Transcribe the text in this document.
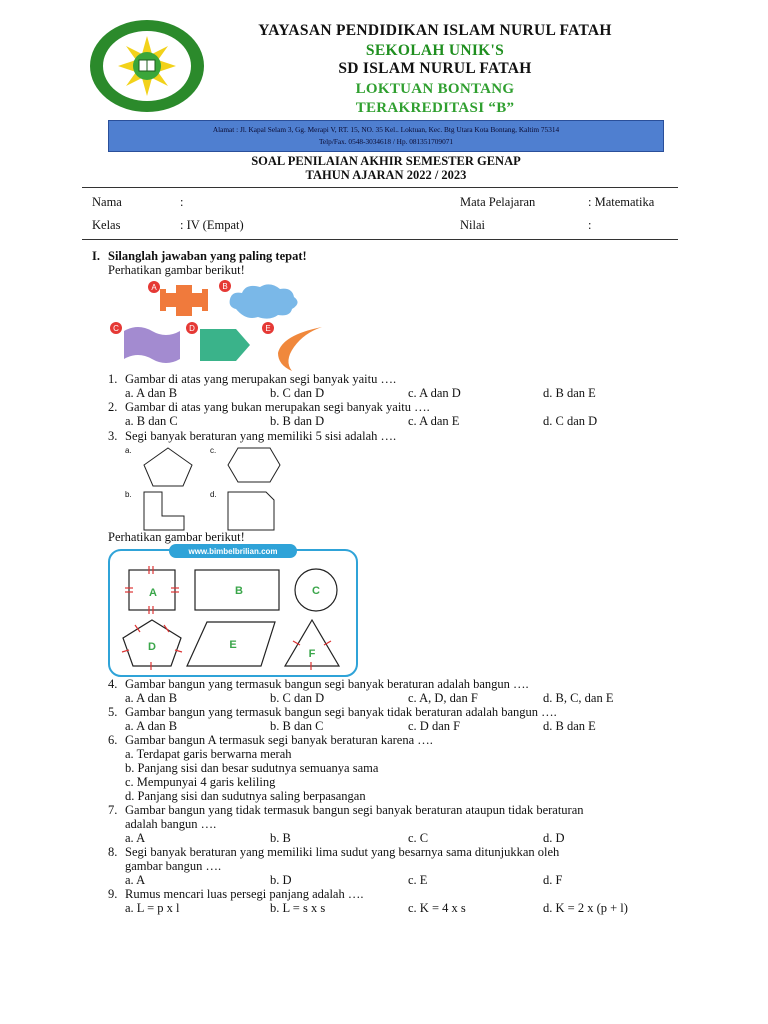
YAYASAN PENDIDIKAN ISLAM NURUL FATAH
SEKOLAH UNIK'S
SD ISLAM NURUL FATAH
LOKTUAN BONTANG
TERAKREDITASI “B”
Alamat : Jl. Kapal Selam 3, Gg. Merapi V, RT. 15, NO. 35 Kel.. Loktuan, Kec. Btg Utara Kota Bontang, Kaltim 75314
Telp/Fax. 0548-3034618 / Hp. 081351709071
SOAL PENILAIAN AKHIR SEMESTER GENAP
TAHUN AJARAN 2022 / 2023
Nama	:	Mata Pelajaran	: Matematika
Kelas	: IV (Empat)	Nilai	:
I. Silanglah jawaban yang paling tepat!
Perhatikan gambar berikut!
A	B
C	D	E
1. Gambar di atas yang merupakan segi banyak yaitu ….
a. A dan B	b. C dan D	c. A dan D	d. B dan E
2. Gambar di atas yang bukan merupakan segi banyak yaitu ….
a. B dan C	b. B dan D	c. A dan E	d. C dan D
3. Segi banyak beraturan yang memiliki 5 sisi adalah ….
a.	c.
b.	d.
Perhatikan gambar berikut!
www.bimbelbrilian.com
A	B	C
D	E
F
4. Gambar bangun yang termasuk bangun segi banyak beraturan adalah bangun ….
a. A dan B	b. C dan D	c. A, D, dan F	d. B, C, dan E
5. Gambar bangun yang termasuk bangun segi banyak tidak beraturan adalah bangun ….
a. A dan B	b. B dan C	c. D dan F	d. B dan E
6. Gambar bangun A termasuk segi banyak beraturan karena ….
a. Terdapat garis berwarna merah
b. Panjang sisi dan besar sudutnya semuanya sama
c. Mempunyai 4 garis keliling
d. Panjang sisi dan sudutnya saling berpasangan
7. Gambar bangun yang tidak termasuk bangun segi banyak beraturan ataupun tidak beraturan
adalah bangun ….
a. A	b. B	c. C	d. D
8. Segi banyak beraturan yang memiliki lima sudut yang besarnya sama ditunjukkan oleh
gambar bangun ….
a. A	b. D	c. E	d. F
9. Rumus mencari luas persegi panjang adalah ….
a. L = p x l	b. L = s x s	c. K = 4 x s	d. K = 2 x (p + l)
